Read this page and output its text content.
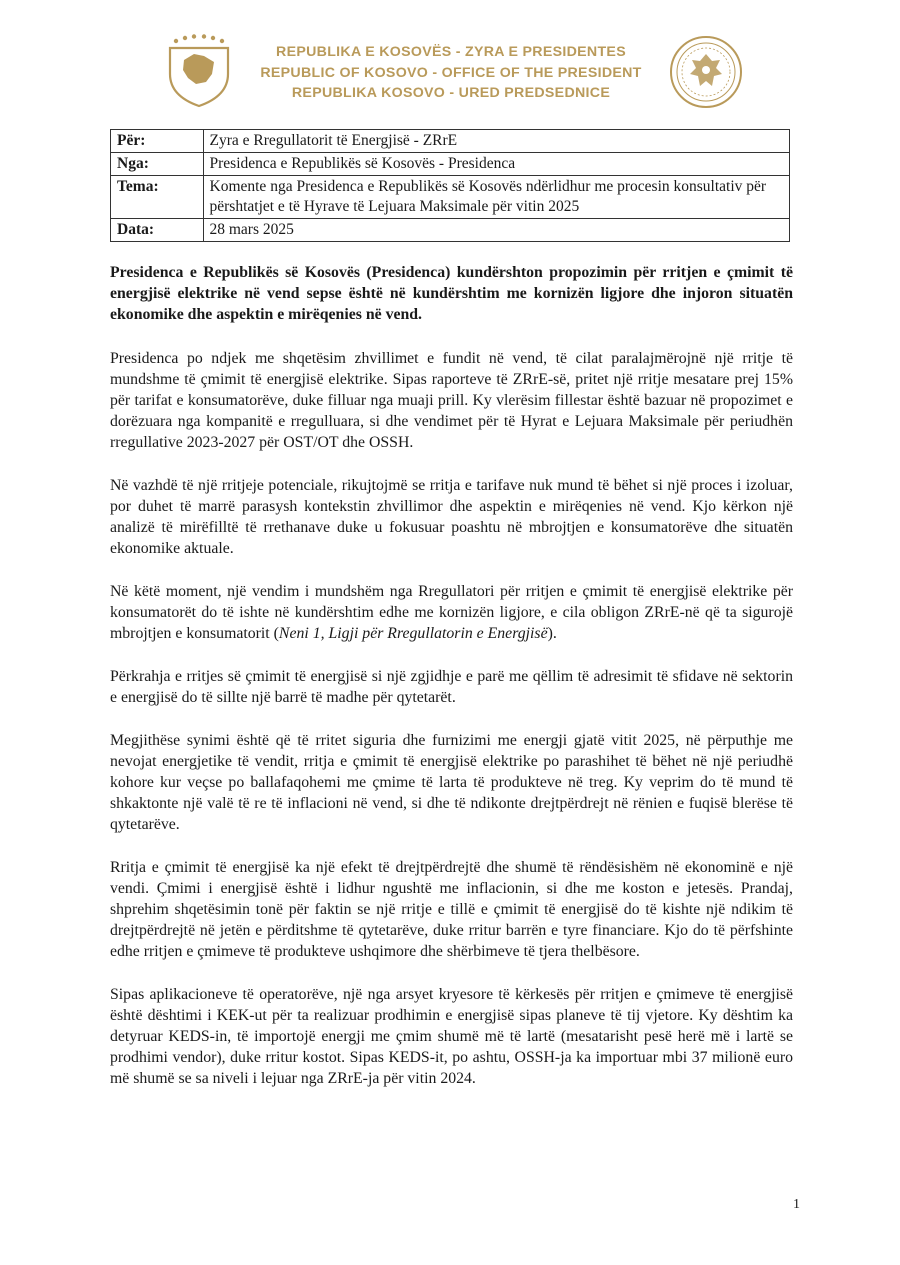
REPUBLIKA E KOSOVËS - ZYRA E PRESIDENTES
REPUBLIC OF KOSOVO - OFFICE OF THE PRESIDENT
REPUBLIKA KOSOVO - URED PREDSEDNICE
Për:	Zyra e Rregullatorit të Energjisë - ZRrE
Nga:	Presidenca e Republikës së Kosovës - Presidenca
Tema:	Komente nga Presidenca e Republikës së Kosovës ndërlidhur me procesin konsultativ për përshtatjet e të Hyrave të Lejuara Maksimale për vitin 2025
Data:	28 mars 2025

Presidenca e Republikës së Kosovës (Presidenca) kundërshton propozimin për rritjen e çmimit të energjisë elektrike në vend sepse është në kundërshtim me kornizën ligjore dhe injoron situatën ekonomike dhe aspektin e mirëqenies në vend.

Presidenca po ndjek me shqetësim zhvillimet e fundit në vend, të cilat paralajmërojnë një rritje të mundshme të çmimit të energjisë elektrike. Sipas raporteve të ZRrE-së, pritet një rritje mesatare prej 15% për tarifat e konsumatorëve, duke filluar nga muaji prill. Ky vlerësim fillestar është bazuar në propozimet e dorëzuara nga kompanitë e rregulluara, si dhe vendimet për të Hyrat e Lejuara Maksimale për periudhën rregullative 2023-2027 për OST/OT dhe OSSH.

Në vazhdë të një rritjeje potenciale, rikujtojmë se rritja e tarifave nuk mund të bëhet si një proces i izoluar, por duhet të marrë parasysh kontekstin zhvillimor dhe aspektin e mirëqenies në vend. Kjo kërkon një analizë të mirëfilltë të rrethanave duke u fokusuar poashtu në mbrojtjen e konsumatorëve dhe situatën ekonomike aktuale.

Në këtë moment, një vendim i mundshëm nga Rregullatori për rritjen e çmimit të energjisë elektrike për konsumatorët do të ishte në kundërshtim edhe me kornizën ligjore, e cila obligon ZRrE-në që ta sigurojë mbrojtjen e konsumatorit (Neni 1, Ligji për Rregullatorin e Energjisë).

Përkrahja e rritjes së çmimit të energjisë si një zgjidhje e parë me qëllim të adresimit të sfidave në sektorin e energjisë do të sillte një barrë të madhe për qytetarët.

Megjithëse synimi është që të rritet siguria dhe furnizimi me energji gjatë vitit 2025, në përputhje me nevojat energjetike të vendit, rritja e çmimit të energjisë elektrike po parashihet të bëhet në një periudhë kohore kur veçse po ballafaqohemi me çmime të larta të produkteve në treg. Ky veprim do të mund të shkaktonte një valë të re të inflacioni në vend, si dhe të ndikonte drejtpërdrejt në rënien e fuqisë blerëse të qytetarëve.

Rritja e çmimit të energjisë ka një efekt të drejtpërdrejtë dhe shumë të rëndësishëm në ekonominë e një vendi. Çmimi i energjisë është i lidhur ngushtë me inflacionin, si dhe me koston e jetesës. Prandaj, shprehim shqetësimin tonë për faktin se një rritje e tillë e çmimit të energjisë do të kishte një ndikim të drejtpërdrejtë në jetën e përditshme të qytetarëve, duke rritur barrën e tyre financiare. Kjo do të përfshinte edhe rritjen e çmimeve të produkteve ushqimore dhe shërbimeve të tjera thelbësore.

Sipas aplikacioneve të operatorëve, një nga arsyet kryesore të kërkesës për rritjen e çmimeve të energjisë është dështimi i KEK-ut për ta realizuar prodhimin e energjisë sipas planeve të tij vjetore. Ky dështim ka detyruar KEDS-in, të importojë energji me çmim shumë më të lartë (mesatarisht pesë herë më i lartë se prodhimi vendor), duke rritur kostot. Sipas KEDS-it, po ashtu, OSSH-ja ka importuar mbi 37 milionë euro më shumë se sa niveli i lejuar nga ZRrE-ja për vitin 2024.

1
